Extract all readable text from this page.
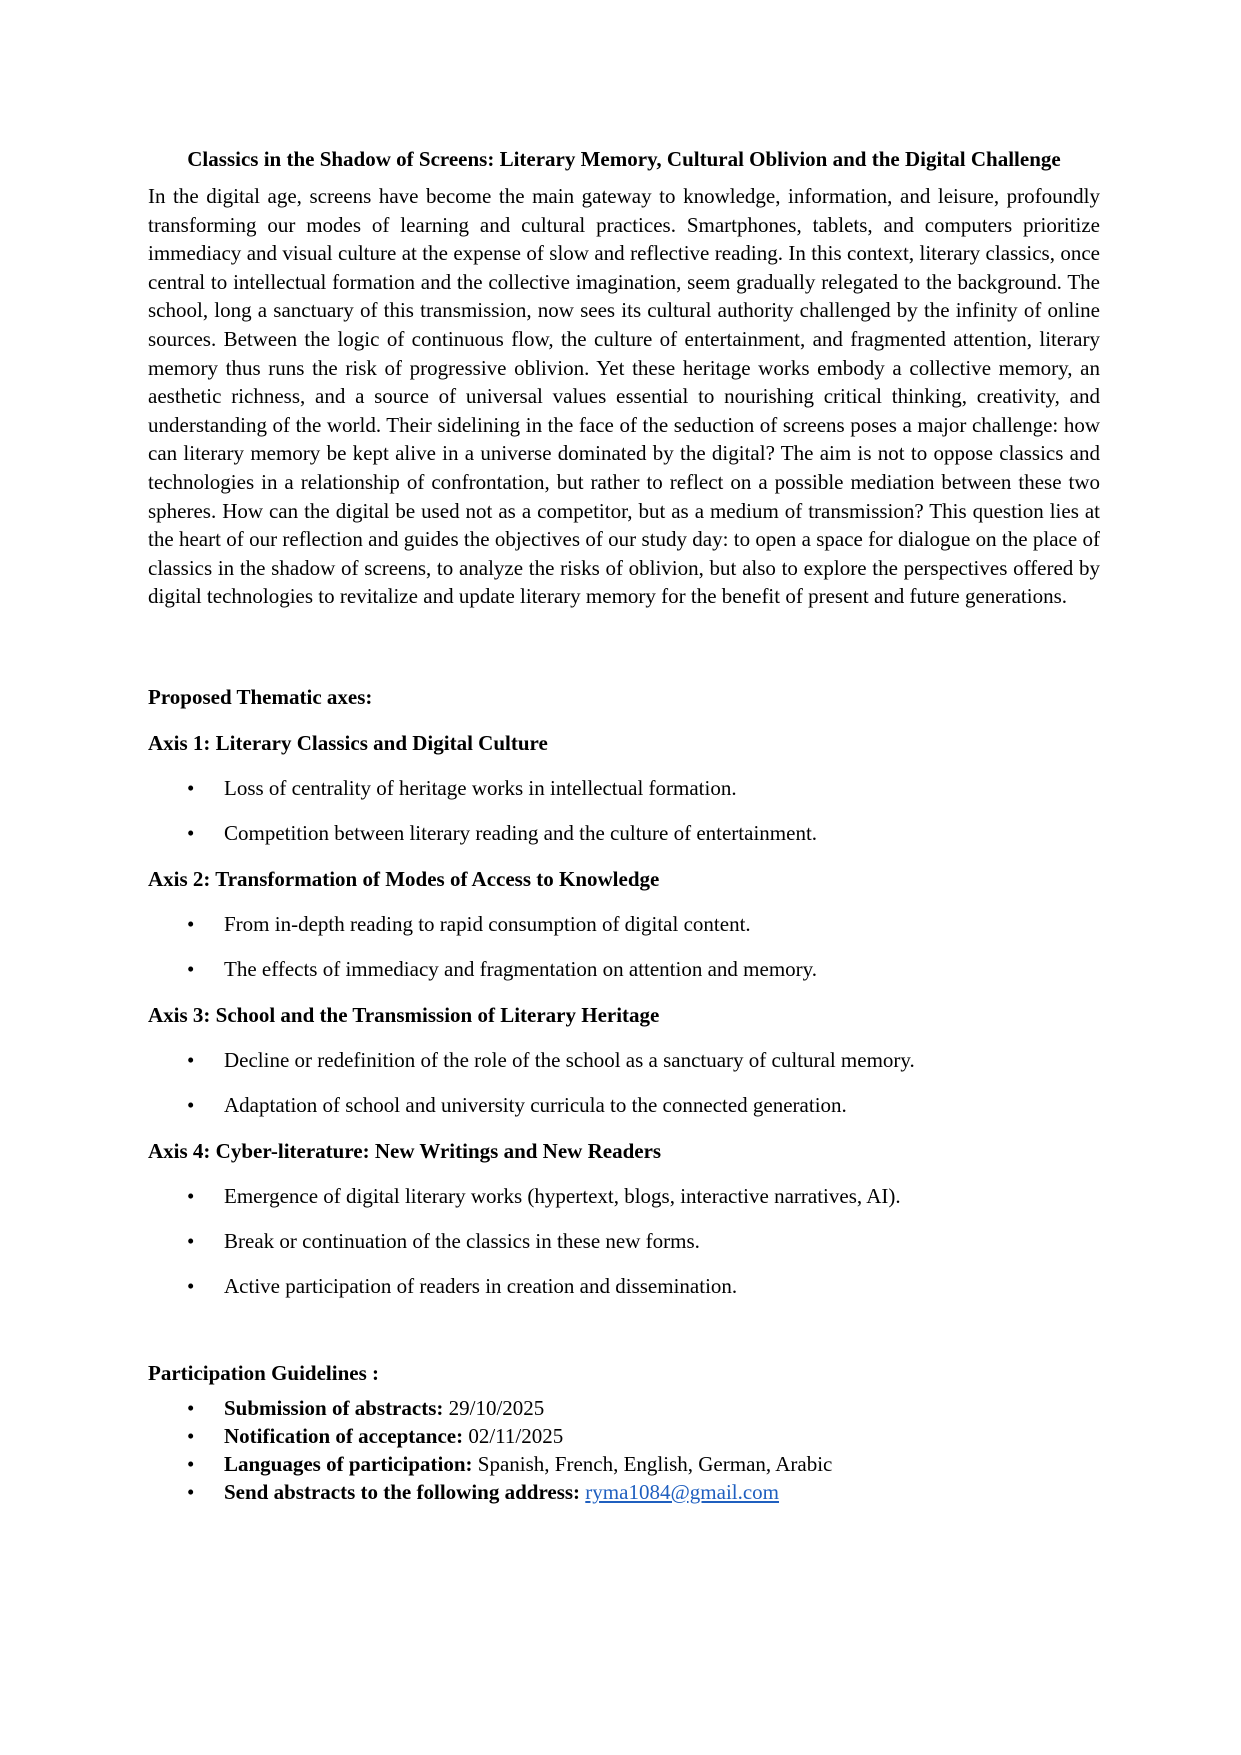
Classics in the Shadow of Screens: Literary Memory, Cultural Oblivion and the Digital Challenge

In the digital age, screens have become the main gateway to knowledge, information, and leisure, profoundly transforming our modes of learning and cultural practices. Smartphones, tablets, and computers prioritize immediacy and visual culture at the expense of slow and reflective reading. In this context, literary classics, once central to intellectual formation and the collective imagination, seem gradually relegated to the background. The school, long a sanctuary of this transmission, now sees its cultural authority challenged by the infinity of online sources. Between the logic of continuous flow, the culture of entertainment, and fragmented attention, literary memory thus runs the risk of progressive oblivion. Yet these heritage works embody a collective memory, an aesthetic richness, and a source of universal values essential to nourishing critical thinking, creativity, and understanding of the world. Their sidelining in the face of the seduction of screens poses a major challenge: how can literary memory be kept alive in a universe dominated by the digital? The aim is not to oppose classics and technologies in a relationship of confrontation, but rather to reflect on a possible mediation between these two spheres. How can the digital be used not as a competitor, but as a medium of transmission? This question lies at the heart of our reflection and guides the objectives of our study day: to open a space for dialogue on the place of classics in the shadow of screens, to analyze the risks of oblivion, but also to explore the perspectives offered by digital technologies to revitalize and update literary memory for the benefit of present and future generations.

Proposed Thematic axes:
Axis 1: Literary Classics and Digital Culture
• Loss of centrality of heritage works in intellectual formation.
• Competition between literary reading and the culture of entertainment.
Axis 2: Transformation of Modes of Access to Knowledge
• From in-depth reading to rapid consumption of digital content.
• The effects of immediacy and fragmentation on attention and memory.
Axis 3: School and the Transmission of Literary Heritage
• Decline or redefinition of the role of the school as a sanctuary of cultural memory.
• Adaptation of school and university curricula to the connected generation.
Axis 4: Cyber-literature: New Writings and New Readers
• Emergence of digital literary works (hypertext, blogs, interactive narratives, AI).
• Break or continuation of the classics in these new forms.
• Active participation of readers in creation and dissemination.
Participation Guidelines :
• Submission of abstracts: 29/10/2025
• Notification of acceptance: 02/11/2025
• Languages of participation: Spanish, French, English, German, Arabic
• Send abstracts to the following address: ryma1084@gmail.com
